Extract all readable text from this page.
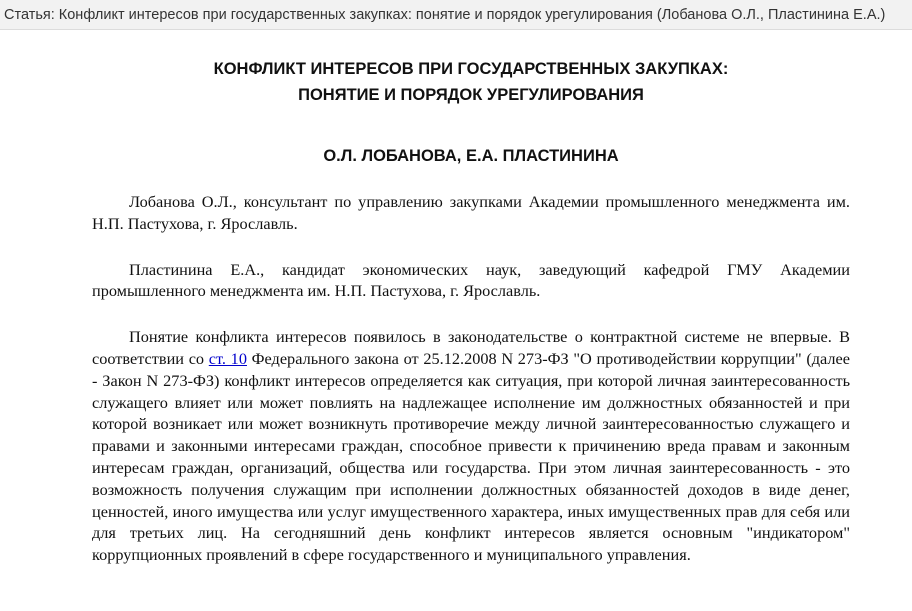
Статья: Конфликт интересов при государственных закупках: понятие и порядок урегулирования (Лобанова О.Л., Пластинина Е.А.)
КОНФЛИКТ ИНТЕРЕСОВ ПРИ ГОСУДАРСТВЕННЫХ ЗАКУПКАХ:
ПОНЯТИЕ И ПОРЯДОК УРЕГУЛИРОВАНИЯ
О.Л. ЛОБАНОВА, Е.А. ПЛАСТИНИНА

Лобанова О.Л., консультант по управлению закупками Академии промышленного менеджмента им. Н.П. Пастухова, г. Ярославль.

Пластинина Е.А., кандидат экономических наук, заведующий кафедрой ГМУ Академии промышленного менеджмента им. Н.П. Пастухова, г. Ярославль.

Понятие конфликта интересов появилось в законодательстве о контрактной системе не впервые. В соответствии со ст. 10 Федерального закона от 25.12.2008 N 273-ФЗ "О противодействии коррупции" (далее - Закон N 273-ФЗ) конфликт интересов определяется как ситуация, при которой личная заинтересованность служащего влияет или может повлиять на надлежащее исполнение им должностных обязанностей и при которой возникает или может возникнуть противоречие между личной заинтересованностью служащего и правами и законными интересами граждан, способное привести к причинению вреда правам и законным интересам граждан, организаций, общества или государства. При этом личная заинтересованность - это возможность получения служащим при исполнении должностных обязанностей доходов в виде денег, ценностей, иного имущества или услуг имущественного характера, иных имущественных прав для себя или для третьих лиц. На сегодняшний день конфликт интересов является основным "индикатором" коррупционных проявлений в сфере государственного и муниципального управления.
